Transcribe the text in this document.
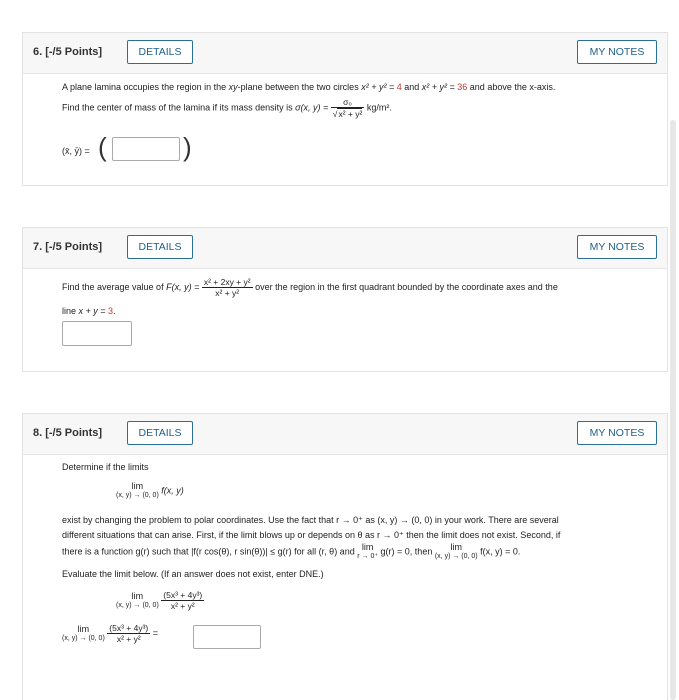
6. [-/5 Points]	DETAILS	MY NOTES
A plane lamina occupies the region in the xy-plane between the two circles x² + y² = 4 and x² + y² = 36 and above the x-axis.
Find the center of mass of the lamina if its mass density is σ(x, $y) = \frac{\text{σ₀}}{\text{√x² + y²}} kg/m^2$.
(x̄, ȳ) = (	)
7. [-/5 Points]	DETAILS	MY NOTES
Find the average value of F(x, $y) = \frac{\text{x² + 2xy + y²}}{\text{x² + y²}}$ over the region in the first quadrant bounded by the coordinate axes and the
line x + y = 3.
8. [-/5 Points]	DETAILS	MY NOTES
Determine if the limits
lim
(x, y) → (0, 0)
f(x, y)
exist by changing the problem to polar coordinates. Use the fact that r → 0⁺ as (x, y) → (0, 0) in your work. There are several
different situations that can arise. First, if the limit blows up or depends on θ as r → 0⁺ then the limit does not exist. Second, if
there is a function g(r) such that |f(r cos(θ), r sin(θ))| ≤ g(r) for all (r, θ) and lim
r → 0⁺
g(r) = 0, then	lim
(x, y) → (0, 0)
f(x, y) = 0.
Evaluate the limit below. (If an answer does not exist, enter DNE.)
lim
(x, y) → (0, 0)
$\frac{\text{(5x³ + 4y³)}}{\text{x² + y²}}$
lim
(x, y) → (0, 0)
$\frac{\text{(5x³ + 4y³)}}{\text{x² + y²}}$ =
